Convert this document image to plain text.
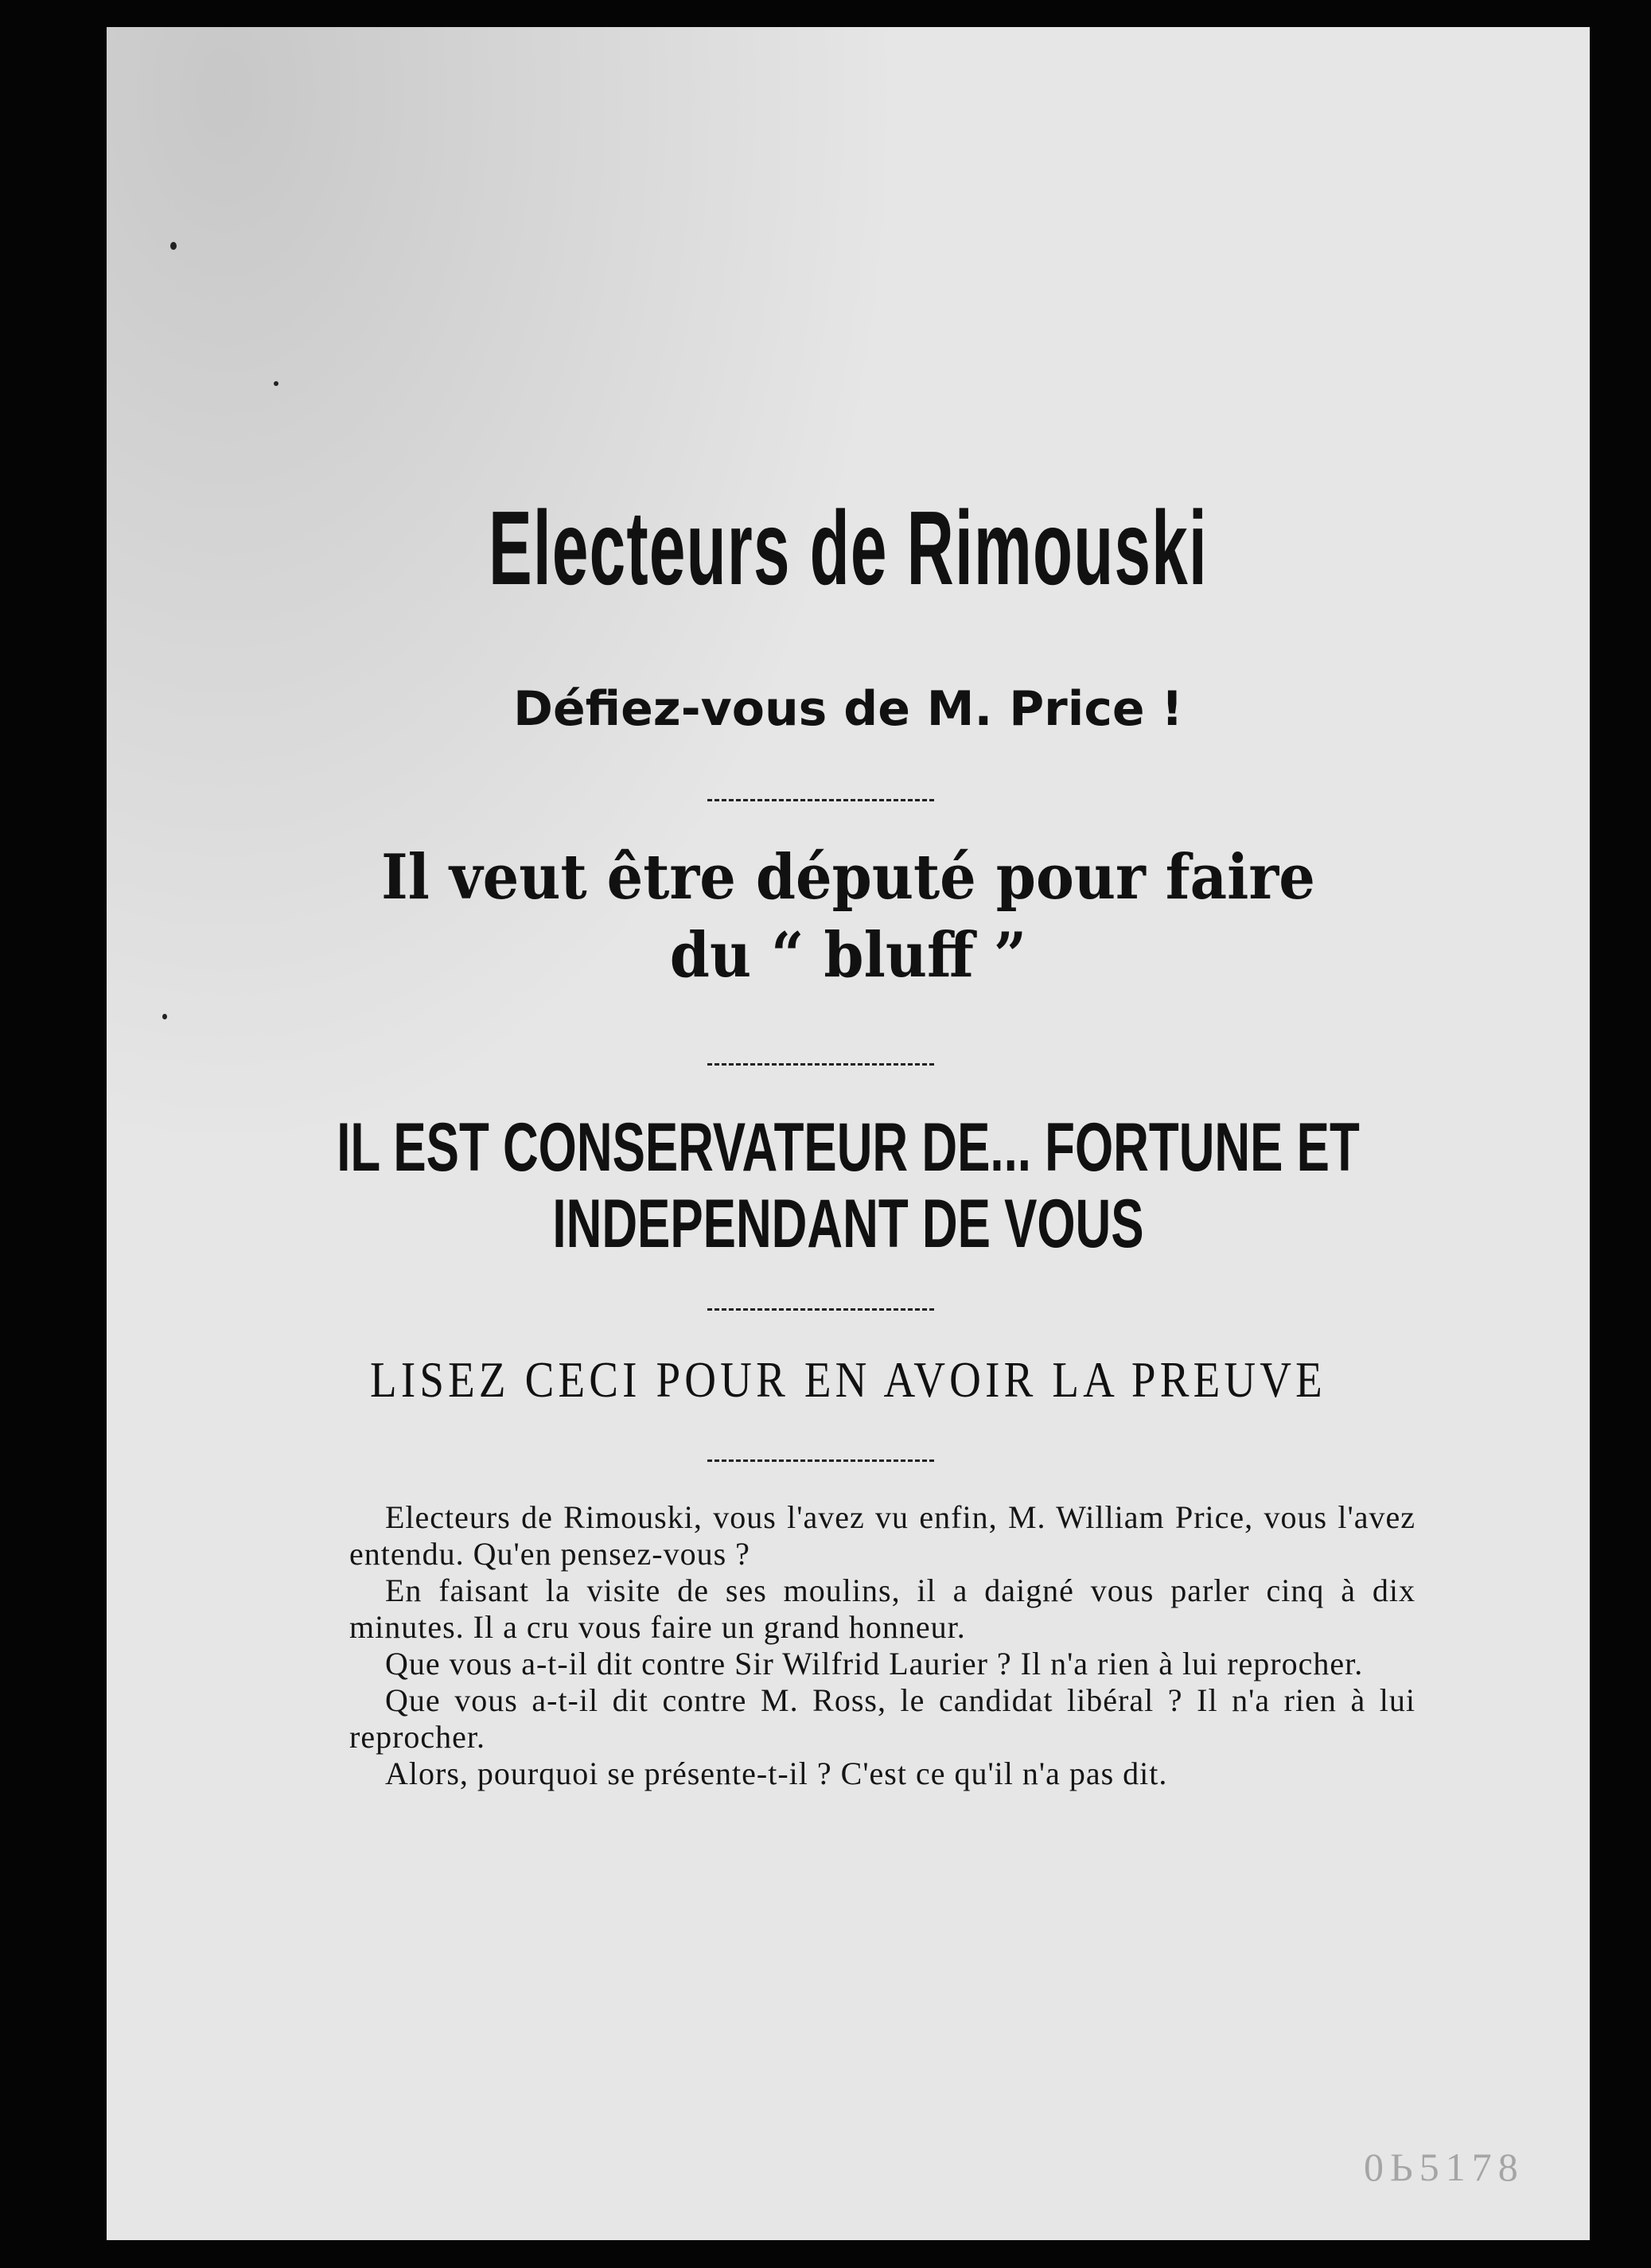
Electeurs de Rimouski
Défiez-vous de M. Price !
Il veut être député pour faire
du “ bluff ”
IL EST CONSERVATEUR DE... FORTUNE ET
INDEPENDANT DE VOUS
LISEZ CECI POUR EN AVOIR LA PREUVE

Electeurs de Rimouski, vous l'avez vu enfin, M. William Price, vous l'avez entendu. Qu'en pensez-vous ?

En faisant la visite de ses moulins, il a daigné vous parler cinq à dix minutes. Il a cru vous faire un grand honneur.

Que vous a-t-il dit contre Sir Wilfrid Laurier ? Il n'a rien à lui reprocher.

Que vous a-t-il dit contre M. Ross, le candidat libéral ? Il n'a rien à lui reprocher.

Alors, pourquoi se présente-t-il ? C'est ce qu'il n'a pas dit.

0Ь5178
